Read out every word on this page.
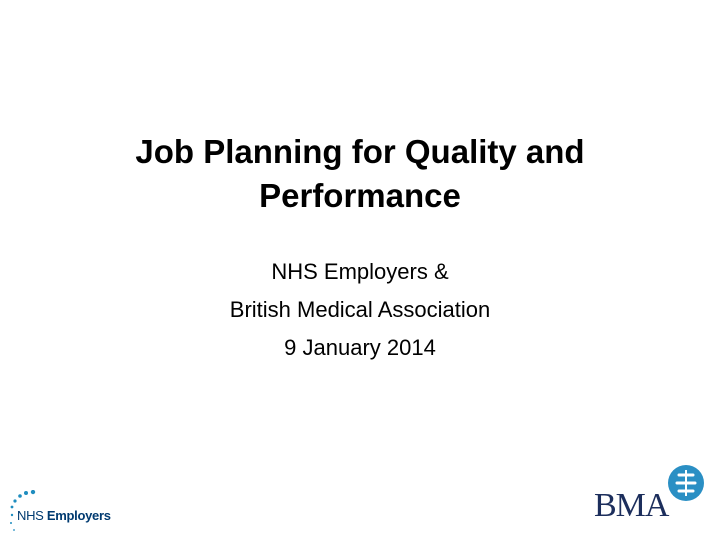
Job Planning for Quality and
Performance
NHS Employers &
British Medical Association
9 January 2014
NHS Employers	BMA
